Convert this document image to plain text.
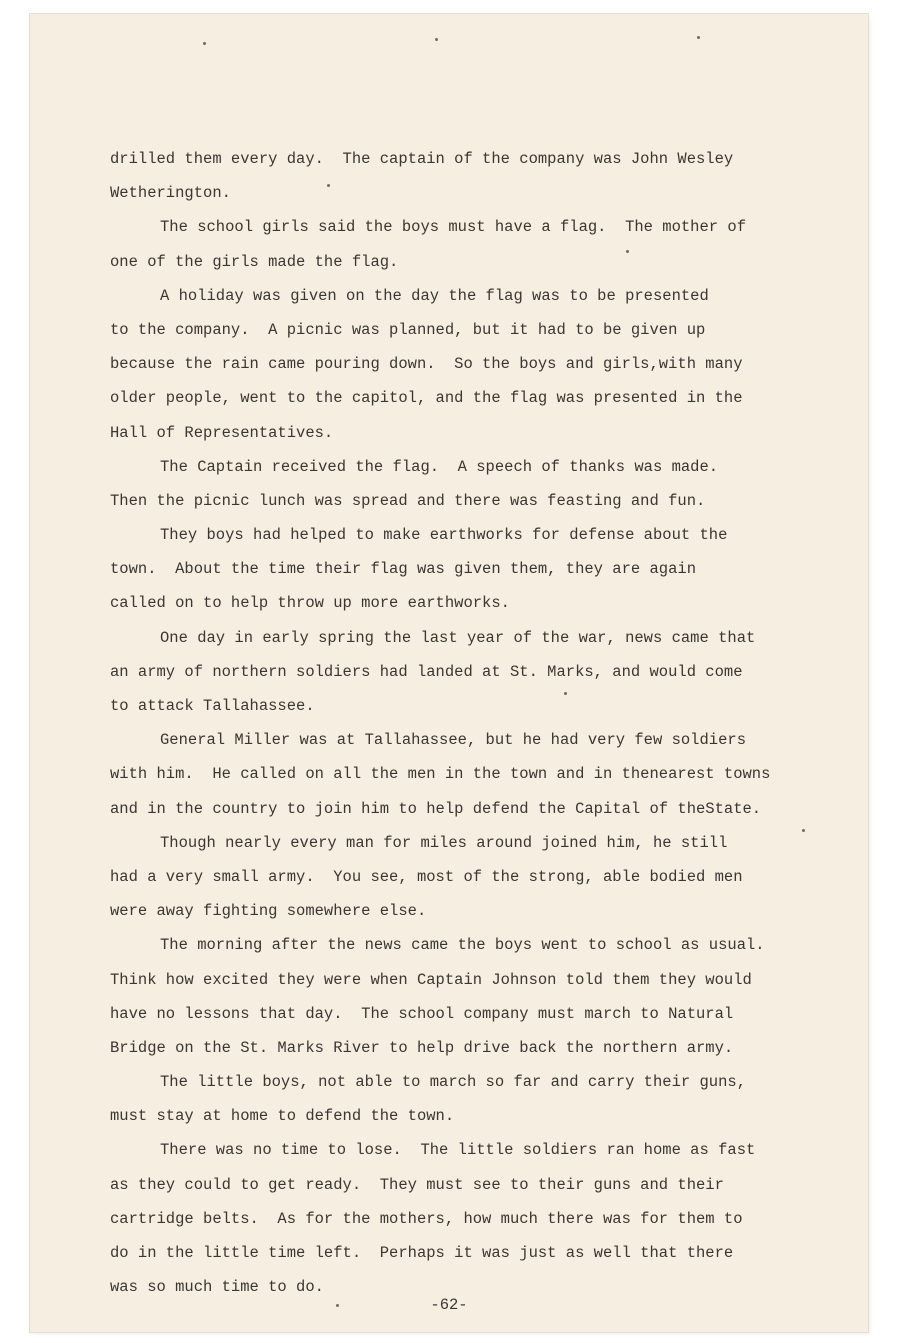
drilled them every day.  The captain of the company was John Wesley
Wetherington.
The school girls said the boys must have a flag.  The mother of
one of the girls made the flag.
A holiday was given on the day the flag was to be presented
to the company.  A picnic was planned, but it had to be given up
because the rain came pouring down.  So the boys and girls,with many
older people, went to the capitol, and the flag was presented in the
Hall of Representatives.
The Captain received the flag.  A speech of thanks was made.
Then the picnic lunch was spread and there was feasting and fun.
They boys had helped to make earthworks for defense about the
town.  About the time their flag was given them, they are again
called on to help throw up more earthworks.
One day in early spring the last year of the war, news came that
an army of northern soldiers had landed at St. Marks, and would come
to attack Tallahassee.
General Miller was at Tallahassee, but he had very few soldiers
with him.  He called on all the men in the town and in thenearest towns
and in the country to join him to help defend the Capital of theState.
Though nearly every man for miles around joined him, he still
had a very small army.  You see, most of the strong, able bodied men
were away fighting somewhere else.
The morning after the news came the boys went to school as usual.
Think how excited they were when Captain Johnson told them they would
have no lessons that day.  The school company must march to Natural
Bridge on the St. Marks River to help drive back the northern army.
The little boys, not able to march so far and carry their guns,
must stay at home to defend the town.
There was no time to lose.  The little soldiers ran home as fast
as they could to get ready.  They must see to their guns and their
cartridge belts.  As for the mothers, how much there was for them to
do in the little time left.  Perhaps it was just as well that there
was so much time to do.
-62-
